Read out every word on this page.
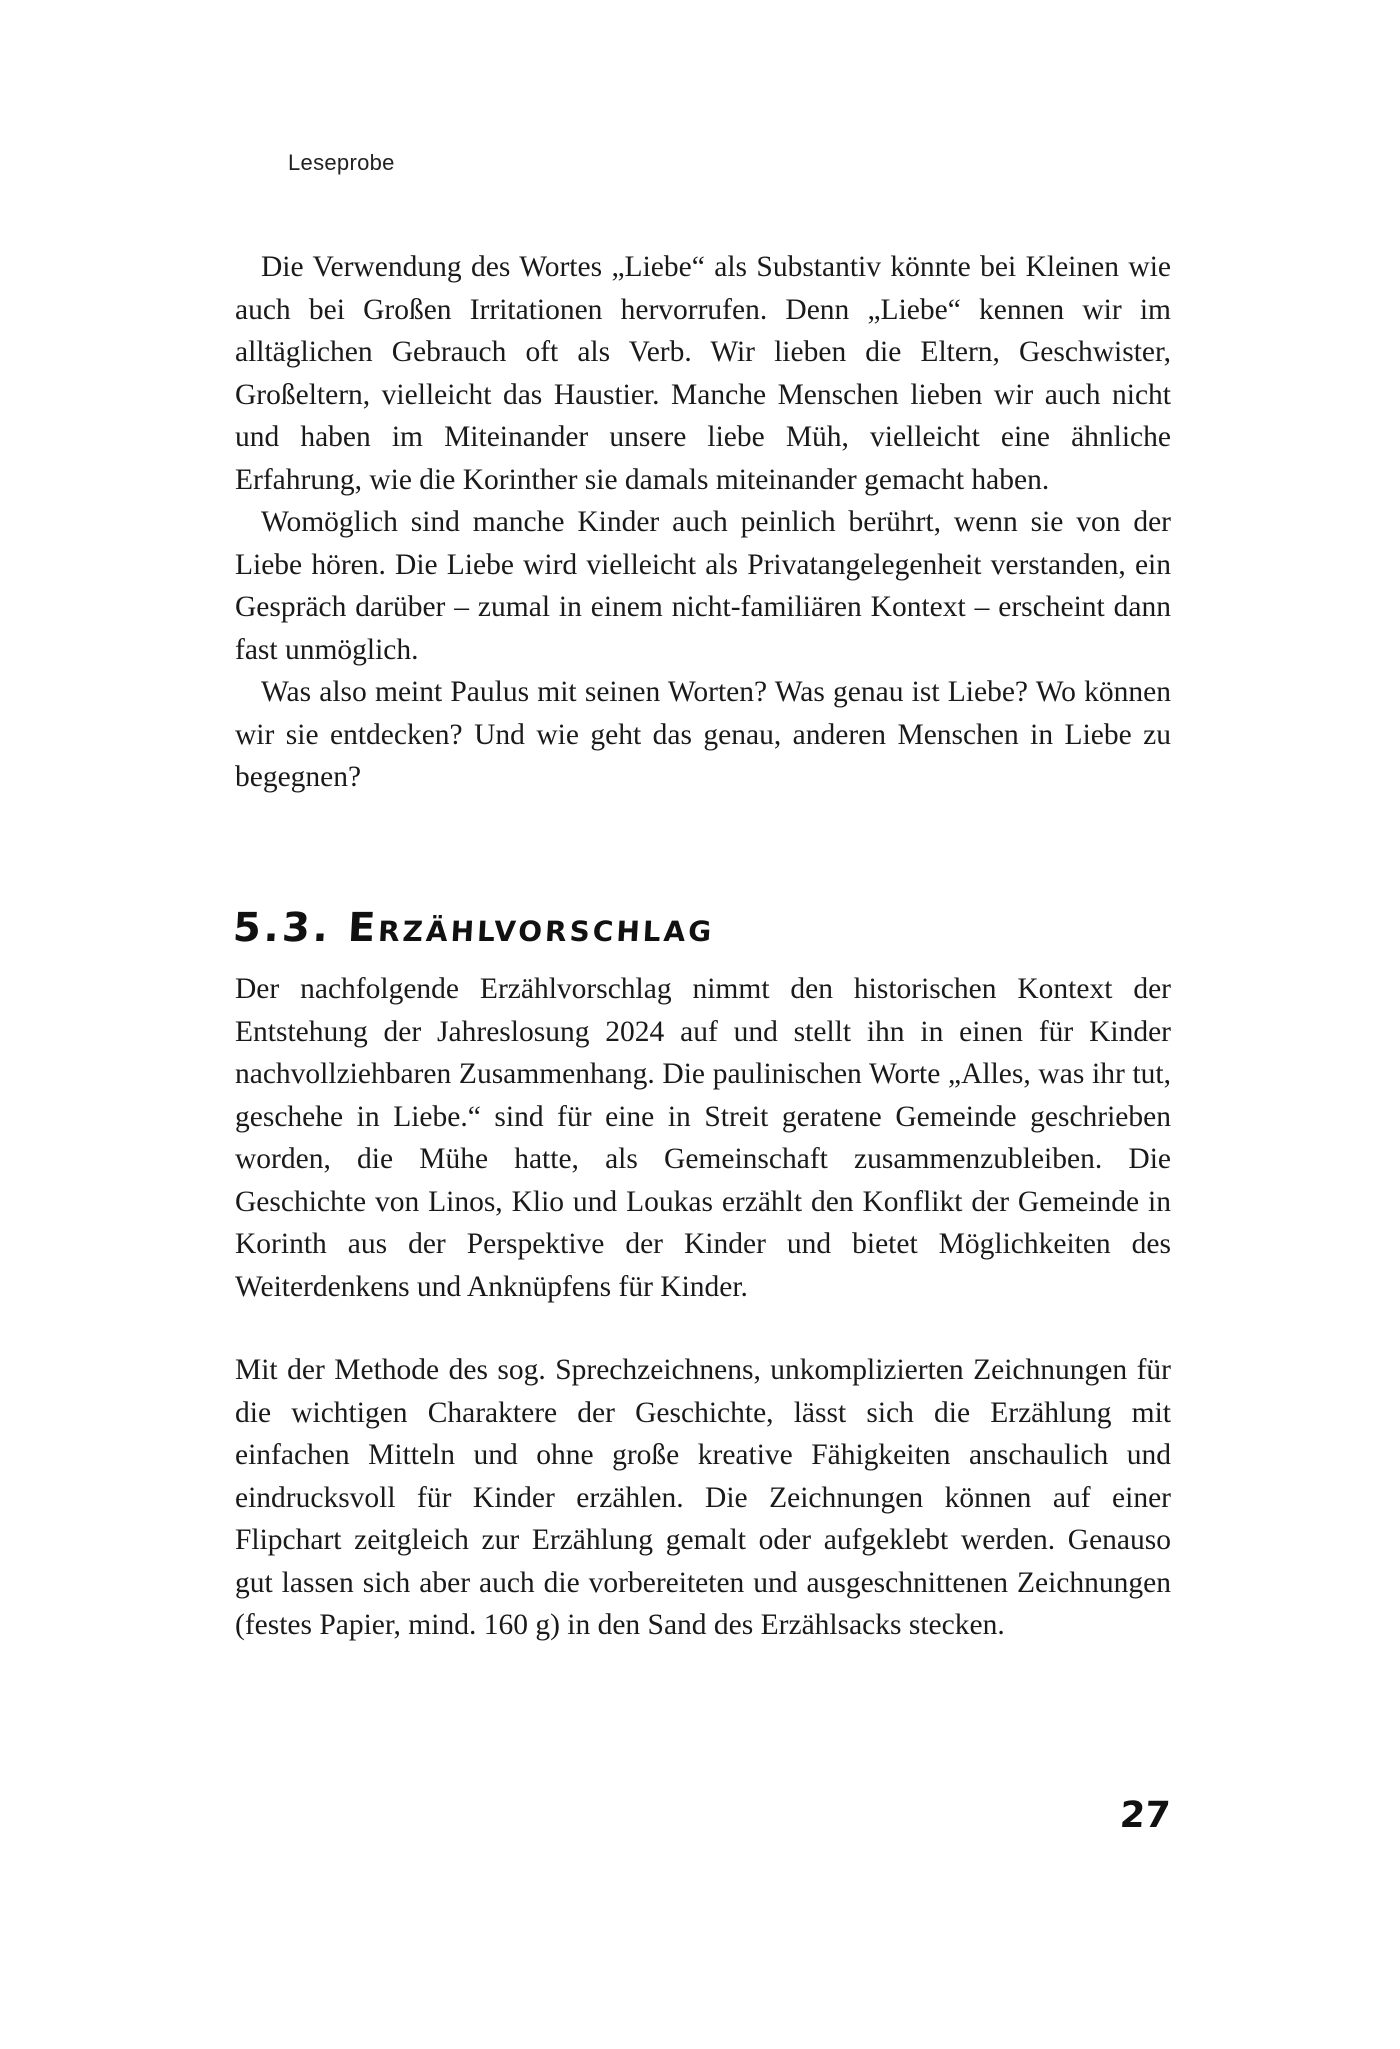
Leseprobe

Die Verwendung des Wortes „Liebe“ als Substantiv könnte bei Kleinen wie auch bei Großen Irritationen hervorrufen. Denn „Liebe“ kennen wir im alltäglichen Gebrauch oft als Verb. Wir lieben die Eltern, Geschwister, Großeltern, vielleicht das Haustier. Manche Menschen lieben wir auch nicht und haben im Miteinander unsere liebe Müh, vielleicht eine ähnliche Erfahrung, wie die Korinther sie damals miteinander gemacht haben.

Womöglich sind manche Kinder auch peinlich berührt, wenn sie von der Liebe hören. Die Liebe wird vielleicht als Privatangelegenheit verstanden, ein Gespräch darüber – zumal in einem nicht-familiären Kontext – erscheint dann fast unmöglich.

Was also meint Paulus mit seinen Worten? Was genau ist Liebe? Wo können wir sie entdecken? Und wie geht das genau, anderen Menschen in Liebe zu begegnen?

5.3. Erzählvorschlag

Der nachfolgende Erzählvorschlag nimmt den historischen Kontext der Entstehung der Jahreslosung 2024 auf und stellt ihn in einen für Kinder nachvollziehbaren Zusammenhang. Die paulinischen Worte „Alles, was ihr tut, geschehe in Liebe.“ sind für eine in Streit geratene Gemeinde geschrieben worden, die Mühe hatte, als Gemeinschaft zusammenzubleiben. Die Geschichte von Linos, Klio und Loukas erzählt den Konflikt der Gemeinde in Korinth aus der Perspektive der Kinder und bietet Möglichkeiten des Weiterdenkens und Anknüpfens für Kinder.

Mit der Methode des sog. Sprechzeichnens, unkomplizierten Zeichnungen für die wichtigen Charaktere der Geschichte, lässt sich die Erzählung mit einfachen Mitteln und ohne große kreative Fähigkeiten anschaulich und eindrucksvoll für Kinder erzählen. Die Zeichnungen können auf einer Flipchart zeitgleich zur Erzählung gemalt oder aufgeklebt werden. Genauso gut lassen sich aber auch die vorbereiteten und ausgeschnittenen Zeichnungen (festes Papier, mind. 160 g) in den Sand des Erzählsacks stecken.

27
